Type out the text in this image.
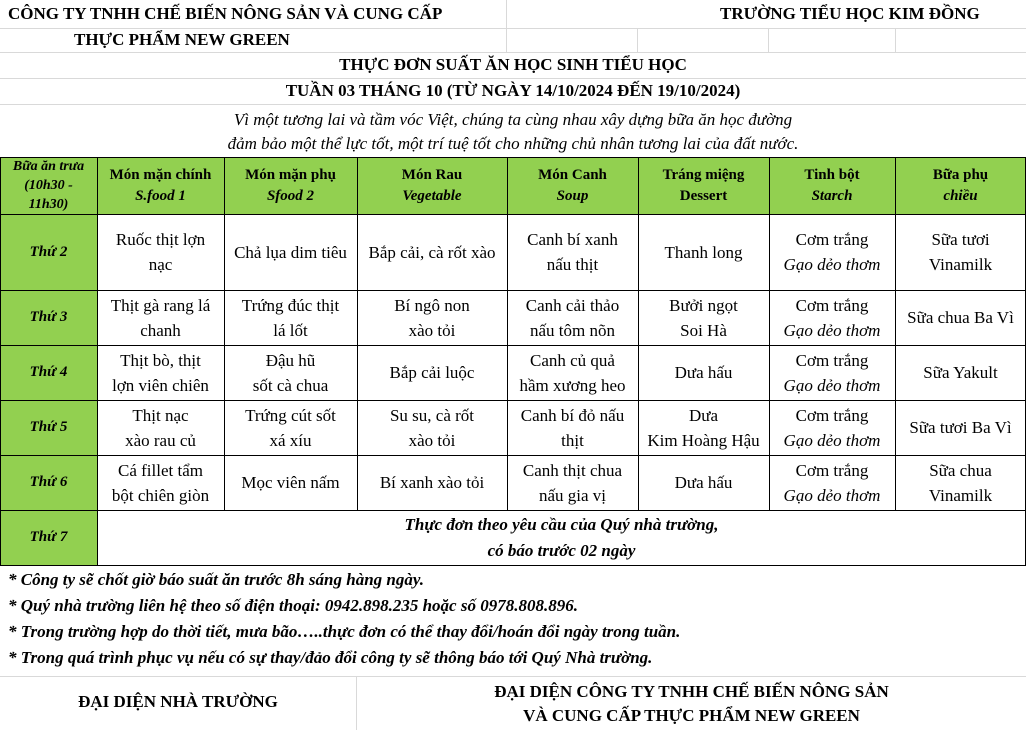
CÔNG TY TNHH CHẾ BIẾN NÔNG SẢN VÀ CUNG CẤP
THỰC PHẨM NEW GREEN
TRƯỜNG TIỂU HỌC KIM ĐỒNG
THỰC ĐƠN SUẤT ĂN HỌC SINH TIỂU HỌC
TUẦN 03 THÁNG 10 (TỪ NGÀY 14/10/2024 ĐẾN 19/10/2024)
Vì một tương lai và tầm vóc Việt, chúng ta cùng nhau xây dựng bữa ăn học đường
đảm bảo một thể lực tốt, một trí tuệ tốt cho những chủ nhân tương lai của đất nước.
Bữa ăn trưa
(10h30 -
11h30)
Món mặn chính
S.food 1
Món mặn phụ
Sfood 2
Món Rau
Vegetable
Món Canh
Soup
Tráng miệng
Dessert
Tinh bột
Starch
Bữa phụ
chiều
Thứ 2
Ruốc thịt lợn
nạc
Chả lụa dim tiêu Bắp cải, cà rốt xào
Canh bí xanh
nấu thịt
Thanh long
Cơm trắng
Gạo dẻo thơm
Sữa tươi
Vinamilk
Thứ 3
Thịt gà rang lá
chanh
Trứng đúc thịt
lá lốt
Bí ngô non
xào tỏi
Canh cải thảo
nấu tôm nõn
Bưởi ngọt
Soi Hà
Cơm trắng
Gạo dẻo thơm
Sữa chua Ba Vì
Thứ 4
Thịt bò, thịt
lợn viên chiên
Đậu hũ
sốt cà chua
Bắp cải luộc
Canh củ quả
hầm xương heo
Dưa hấu
Cơm trắng
Gạo dẻo thơm
Sữa Yakult
Thứ 5
Thịt nạc
xào rau củ
Trứng cút sốt
xá xíu
Su su, cà rốt
xào tỏi
Canh bí đỏ nấu
thịt
Dưa
Kim Hoàng Hậu
Cơm trắng
Gạo dẻo thơm
Sữa tươi Ba Vì
Thứ 6
Cá fillet tẩm
bột chiên giòn
Mọc viên nấm Bí xanh xào tỏi
Canh thịt chua
nấu gia vị
Dưa hấu
Cơm trắng
Gạo dẻo thơm
Sữa chua
Vinamilk
Thứ 7
Thực đơn theo yêu cầu của Quý nhà trường,
có báo trước 02 ngày
* Công ty sẽ chốt giờ báo suất ăn trước 8h sáng hàng ngày.
* Quý nhà trường liên hệ theo số điện thoại: 0942.898.235 hoặc số 0978.808.896.
* Trong trường hợp do thời tiết, mưa bão…..thực đơn có thể thay đổi/hoán đổi ngày trong tuần.
* Trong quá trình phục vụ nếu có sự thay/đảo đổi công ty sẽ thông báo tới Quý Nhà trường.
ĐẠI DIỆN NHÀ TRƯỜNG
ĐẠI DIỆN CÔNG TY TNHH CHẾ BIẾN NÔNG SẢN
VÀ CUNG CẤP THỰC PHẨM NEW GREEN
